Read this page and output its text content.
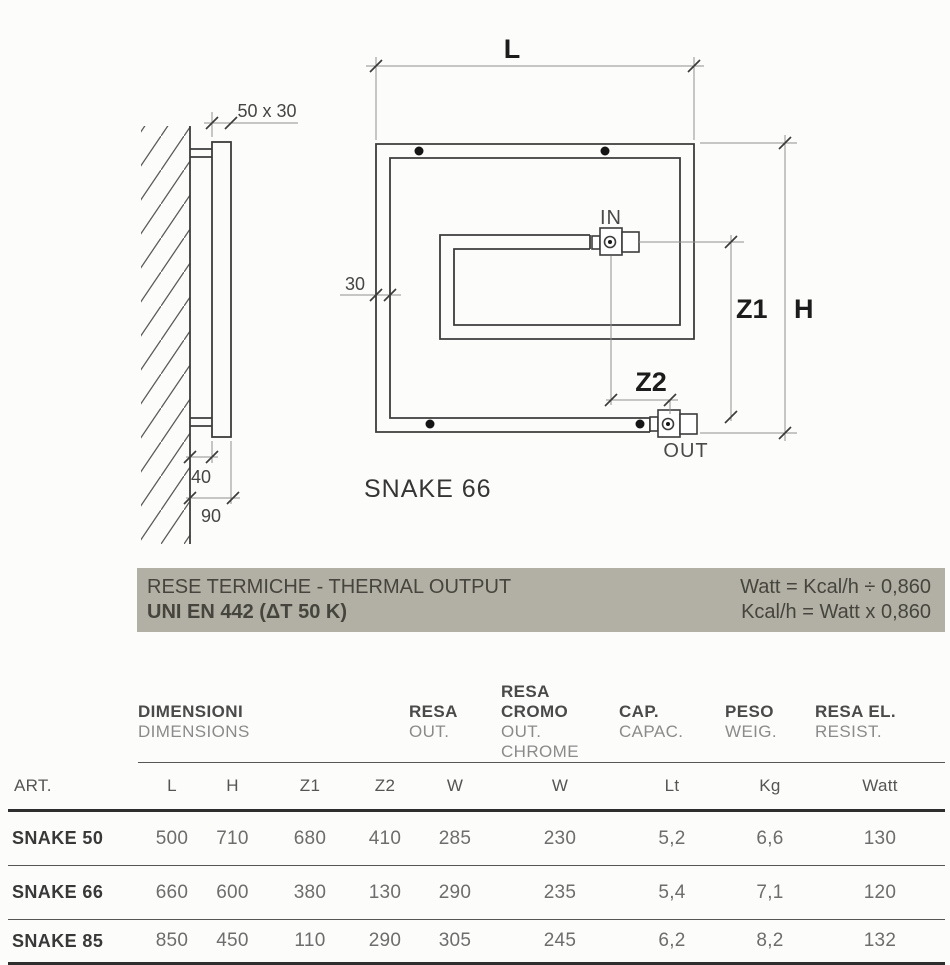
50 x 30
40
90
IN
OUT
L
H
Z1
Z2
30
SNAKE 66
RESE TERMICHE - THERMAL OUTPUT
UNI EN 442 (ΔT 50 K)
Watt = Kcal/h ÷ 0,860
Kcal/h = Watt x 0,860

DIMENSIONI
DIMENSIONS

RESA
OUT.

RESA CROMO
OUT. CHROME

CAP.
CAPAC.

PESO
WEIG.

RESA EL.
RESIST.

ART.	L	H	Z1	Z2	W	W	Lt	Kg	Watt
SNAKE 50	500	710	680	410	285	230	5,2	6,6	130
SNAKE 66	660	600	380	130	290	235	5,4	7,1	120
SNAKE 85	850	450	110	290	305	245	6,2	8,2	132
